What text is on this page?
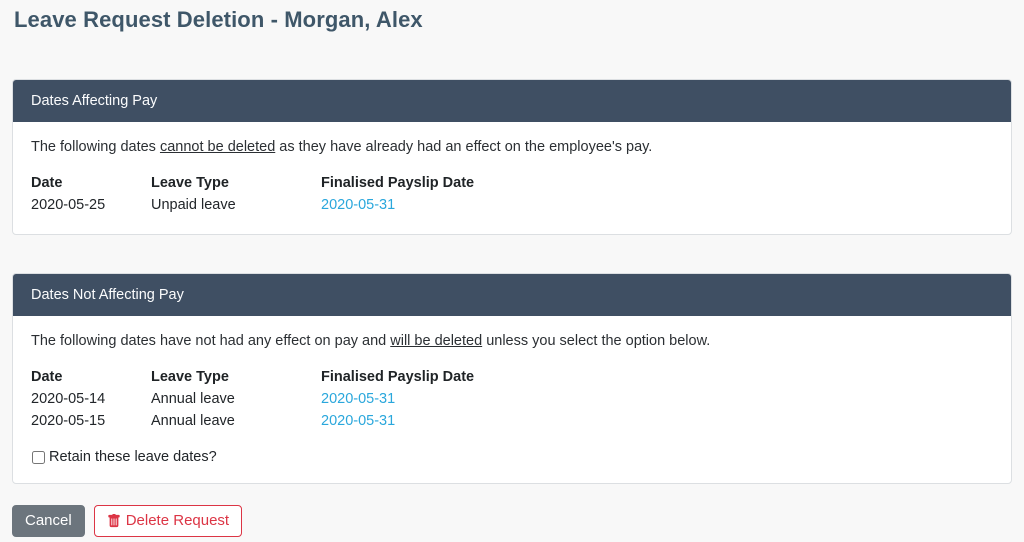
Leave Request Deletion - Morgan, Alex
Dates Affecting Pay

The following dates cannot be deleted as they have already had an effect on the employee's pay.

Date	Leave Type	Finalised Payslip Date
2020-05-25	Unpaid leave	2020-05-31
Dates Not Affecting Pay

The following dates have not had any effect on pay and will be deleted unless you select the option below.

Date	Leave Type	Finalised Payslip Date
2020-05-14	Annual leave	2020-05-31
2020-05-15	Annual leave	2020-05-31
Retain these leave dates?
Cancel	Delete Request
